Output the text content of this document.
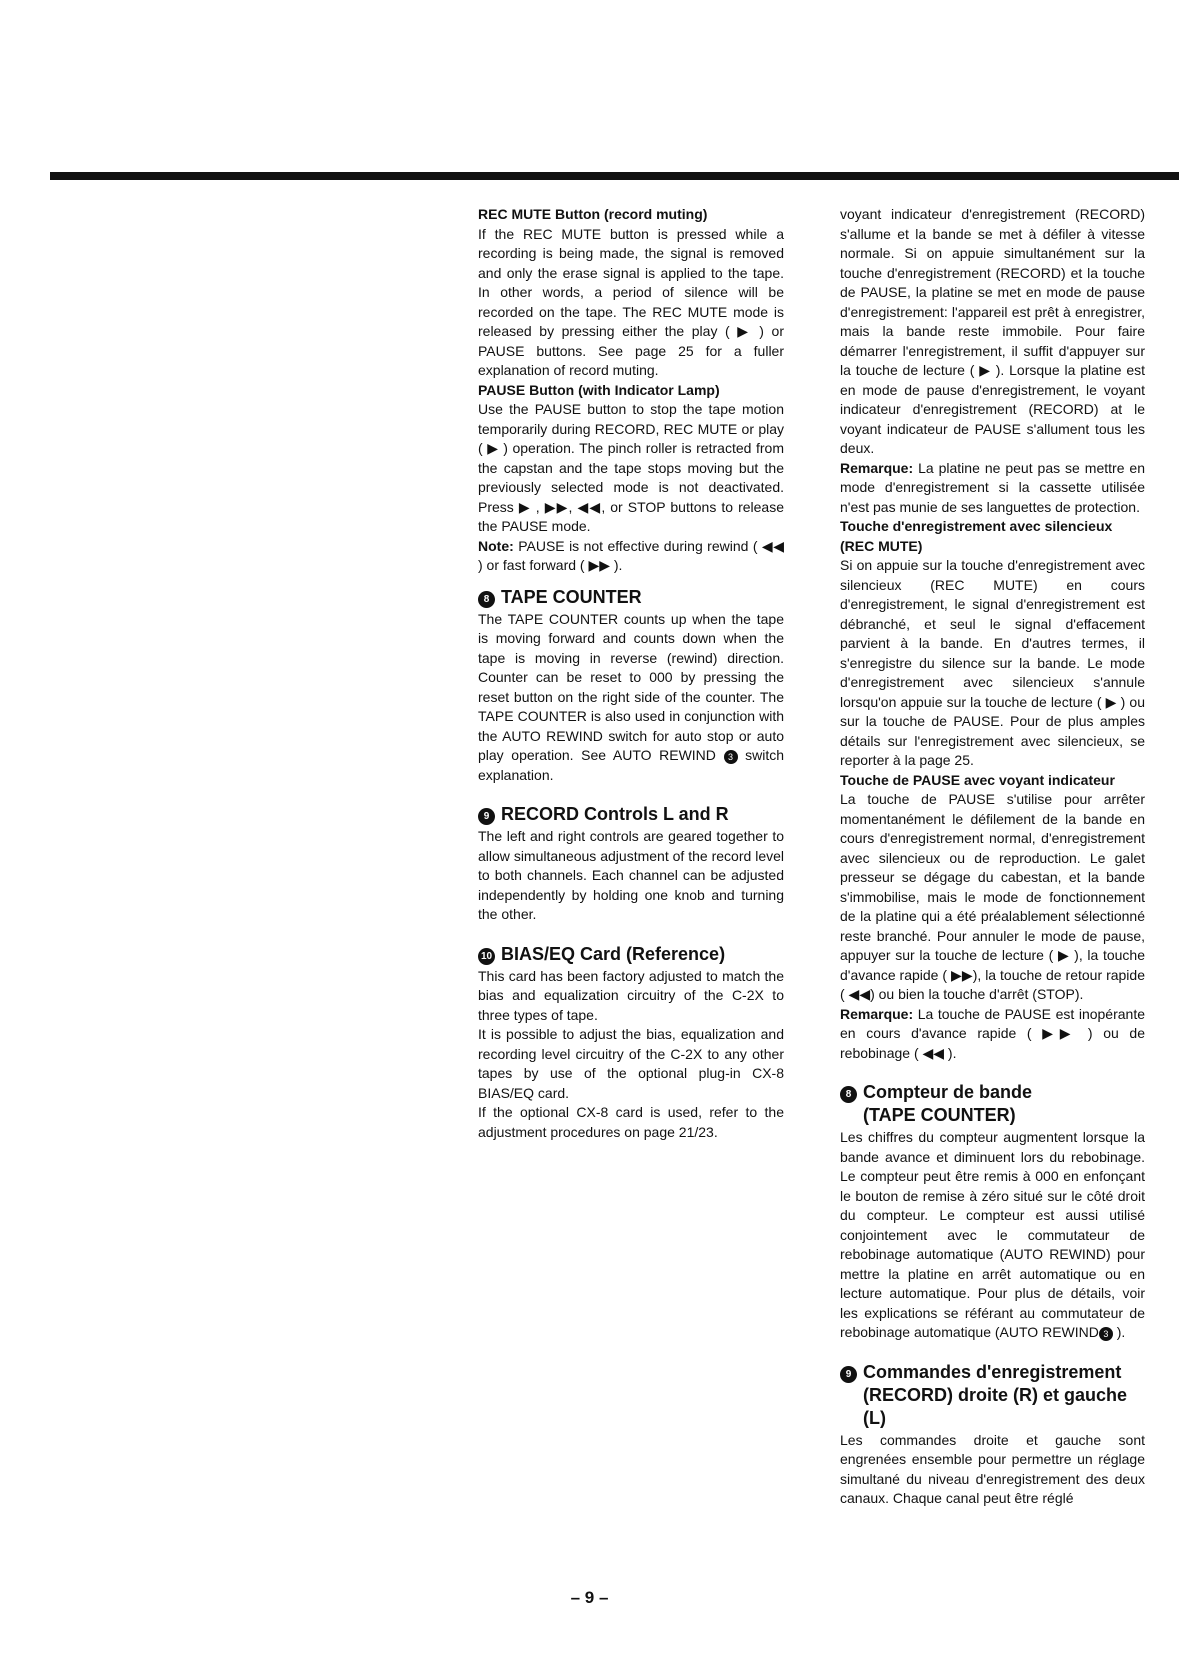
REC MUTE Button (record muting)

If the REC MUTE button is pressed while a recording is being made, the signal is removed and only the erase signal is applied to the tape. In other words, a period of silence will be recorded on the tape. The REC MUTE mode is released by pressing either the play ( ▶ ) or PAUSE buttons. See page 25 for a fuller explanation of record muting.

PAUSE Button (with Indicator Lamp)

Use the PAUSE button to stop the tape motion temporarily during RECORD, REC MUTE or play ( ▶ ) operation. The pinch roller is retracted from the capstan and the tape stops moving but the previously selected mode is not deactivated. Press ▶ , ▶▶, ◀◀, or STOP buttons to release the PAUSE mode.

Note: PAUSE is not effective during rewind ( ◀◀ ) or fast forward ( ▶▶ ).

8 TAPE COUNTER

The TAPE COUNTER counts up when the tape is moving forward and counts down when the tape is moving in reverse (rewind) direction. Counter can be reset to 000 by pressing the reset button on the right side of the counter. The TAPE COUNTER is also used in conjunction with the AUTO REWIND switch for auto stop or auto play operation. See AUTO REWIND 3 switch explanation.

9 RECORD Controls L and R

The left and right controls are geared together to allow simultaneous adjustment of the record level to both channels. Each channel can be adjusted independently by holding one knob and turning the other.

10 BIAS/EQ Card (Reference)

This card has been factory adjusted to match the bias and equalization circuitry of the C-2X to three types of tape.

It is possible to adjust the bias, equalization and recording level circuitry of the C-2X to any other tapes by use of the optional plug-in CX-8 BIAS/EQ card.

If the optional CX-8 card is used, refer to the adjustment procedures on page 21/23.

voyant indicateur d'enregistrement (RECORD) s'allume et la bande se met à défiler à vitesse normale. Si on appuie simultanément sur la touche d'enregistrement (RECORD) et la touche de PAUSE, la platine se met en mode de pause d'enregistrement: l'appareil est prêt à enregistrer, mais la bande reste immobile. Pour faire démarrer l'enregistrement, il suffit d'appuyer sur la touche de lecture ( ▶ ). Lorsque la platine est en mode de pause d'enregistrement, le voyant indicateur d'enregistrement (RECORD) at le voyant indicateur de PAUSE s'allument tous les deux.

Remarque: La platine ne peut pas se mettre en mode d'enregistrement si la cassette utilisée n'est pas munie de ses languettes de protection.

Touche d'enregistrement avec silencieux (REC MUTE)

Si on appuie sur la touche d'enregistrement avec silencieux (REC MUTE) en cours d'enregistrement, le signal d'enregistrement est débranché, et seul le signal d'effacement parvient à la bande. En d'autres termes, il s'enregistre du silence sur la bande. Le mode d'enregistrement avec silencieux s'annule lorsqu'on appuie sur la touche de lecture ( ▶ ) ou sur la touche de PAUSE. Pour de plus amples détails sur l'enregistrement avec silencieux, se reporter à la page 25.

Touche de PAUSE avec voyant indicateur

La touche de PAUSE s'utilise pour arrêter momentanément le défilement de la bande en cours d'enregistrement normal, d'enregistrement avec silencieux ou de reproduction. Le galet presseur se dégage du cabestan, et la bande s'immobilise, mais le mode de fonctionnement de la platine qui a été préalablement sélectionné reste branché. Pour annuler le mode de pause, appuyer sur la touche de lecture ( ▶ ), la touche d'avance rapide ( ▶▶), la touche de retour rapide ( ◀◀) ou bien la touche d'arrêt (STOP).

Remarque: La touche de PAUSE est inopérante en cours d'avance rapide ( ▶▶ ) ou de rebobinage ( ◀◀ ).

8 Compteur de bande
(TAPE COUNTER)

Les chiffres du compteur augmentent lorsque la bande avance et diminuent lors du rebobinage. Le compteur peut être remis à 000 en enfonçant le bouton de remise à zéro situé sur le côté droit du compteur. Le compteur est aussi utilisé conjointement avec le commutateur de rebobinage automatique (AUTO REWIND) pour mettre la platine en arrêt automatique ou en lecture automatique. Pour plus de détails, voir les explications se référant au commutateur de rebobinage automatique (AUTO REWIND 3 ).

9 Commandes d'enregistrement
(RECORD) droite (R) et gauche (L)

Les commandes droite et gauche sont engrenées ensemble pour permettre un réglage simultané du niveau d'enregistrement des deux canaux. Chaque canal peut être réglé

– 9 –
